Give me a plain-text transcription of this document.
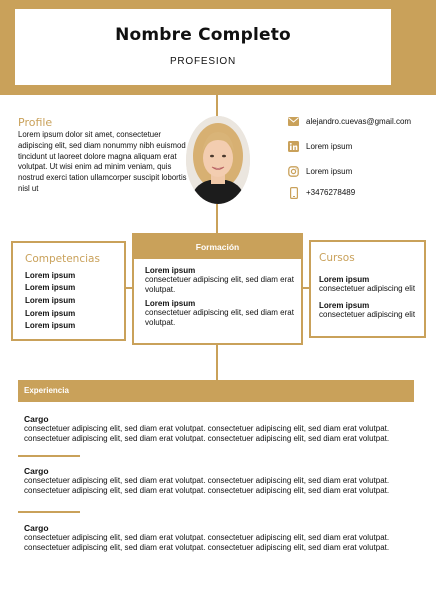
Nombre Completo
PROFESION
Profile
Lorem ipsum dolor sit amet, consectetuer adipiscing elit, sed diam nonummy nibh euismod tincidunt ut laoreet dolore magna aliquam erat volutpat. Ut wisi enim ad minim veniam, quis nostrud exerci tation ullamcorper suscipit lobortis nisl ut
alejandro.cuevas@gmail.com
Lorem ipsum
Lorem ipsum
+3476278489
Competencias
Lorem ipsum
Lorem ipsum
Lorem ipsum
Lorem ipsum
Lorem ipsum
Formación
Lorem ipsum
consectetuer adipiscing elit, sed diam erat volutpat.
Lorem ipsum
consectetuer adipiscing elit, sed diam erat volutpat.
Cursos
Lorem ipsum
consectetuer adipiscing elit
Lorem ipsum
consectetuer adipiscing elit
Experiencia
Cargo
consectetuer adipiscing elit, sed diam erat volutpat. consectetuer adipiscing elit, sed diam erat volutpat.
consectetuer adipiscing elit, sed diam erat volutpat. consectetuer adipiscing elit, sed diam erat volutpat.
Cargo
consectetuer adipiscing elit, sed diam erat volutpat. consectetuer adipiscing elit, sed diam erat volutpat.
consectetuer adipiscing elit, sed diam erat volutpat. consectetuer adipiscing elit, sed diam erat volutpat.
Cargo
consectetuer adipiscing elit, sed diam erat volutpat. consectetuer adipiscing elit, sed diam erat volutpat.
consectetuer adipiscing elit, sed diam erat volutpat. consectetuer adipiscing elit, sed diam erat volutpat.
